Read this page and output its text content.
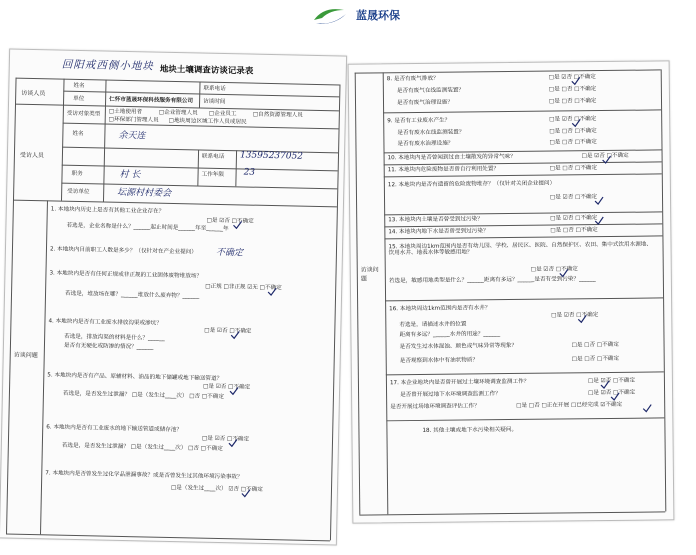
蓝晟环保
回阳戒西侧小地块 地块土壤调查访谈记录表
访谈人员
受访人员
访谈问题
姓名	联系电话
单位	仁怀市蓝晟环保科技服务有限公司 访谈时间
受访对象类型 □土地使用者	□企业管理人员 □企业员工	□自然资源管理人员
□环保部门管理人员 □地块周边区域工作人员或居民
姓名	余天连
联系电话 13595237052
职务	村 长	工作年限 23
受访单位	坛源村村委会
1. 本地块内历史上是否有其他工业企业存在？
□是 ☑否 □不确定
若选是，企业名称是什么？______起止时间是______年至______年
2. 本地块内目前职工人数是多少？（仅针对在产企业提问） 不确定
3. 本地块内是否有任何正规或非正规的工业固体废物堆放场？
□正规 □非正规 ☑无 □不确定
若选是，堆放场在哪？______堆放什么废弃物？______
4. 本地块内是否有工业废水排放沟渠或渗坑？
□是 ☑否 □不确定
若选是，排放沟渠的材料是什么？______
是否有无硬化或防渗的情况？______
5. 本地块内是否有产品、原辅材料、油品的地下储罐或地下输送管道？
□是 ☑否 □不确定
若选是，是否发生过泄漏？ □是（发生过____次） □否 □不确定
6. 本地块内是否有工业废水的地下输送管道或储存池？
□是 ☑否 □不确定
若选是，是否发生过泄漏？ □是（发生过____次） □否 □不确定
7. 本地块内是否曾发生过化学品泄漏事故？或是否曾发生过其他环境污染事故？
□是（发生过____次） ☑否 □不确定
访谈问题
8. 是否有废气排放？	□是 ☑否 □不确定
是否有废气在线监测装置？	□是 □否 □不确定
是否有废气治理设施？	□是 □否 □不确定
9. 是否有工业废水产生？	□是 ☑否 □不确定
是否有废水在线监测装置？	□是 □否 □不确定
是否有废水治理设施？	□是 □否 □不确定
10. 本地块内是否曾闻到过由土壤散发的异常气味？	□是 ☑否 □不确定
11. 本地块内危险废物是否曾自行利用处置？	□是 □否 □不确定
12. 本地块内是否有遗留的危险废物堆存？（仅针对关闭企业提问）
□是 ☑否 □不确定
13. 本地块内土壤是否曾受到过污染？	□是 ☑否 □不确定
14. 本地块内地下水是否曾受到过污染？	□是 □否 □不确定
15. 本地块周边1km范围内是否有幼儿园、学校、居民区、医院、自然保护区、农田、集中式饮用水源地、饮用水井、地表水体等敏感用地？
□是 ☑否 □不确定
若选是，敏感用地类型是什么？______距离有多远？______是否有受到污染？______
16. 本地块周边1km范围内是否有水井？
□是 ☑否 □不确定
若选是，请描述水井的位置
距离有多远？______水井的用途？______
是否发生过水体混浊、颜色或气味异常等现象？	□是 □否 □不确定
是否观察到水体中有油状物质？	□是 □否 □不确定
17. 本企业地块内是否曾开展过土壤环境调查监测工作？	□是 ☑否 □不确定
是否曾开展过地下水环境调查监测工作？	□是 ☑否 □不确定
是否开展过场地环境调查评估工作？	□是 □否 □正在开展 □已经完成 ☑不确定
18. 其他土壤或地下水污染相关疑问。
